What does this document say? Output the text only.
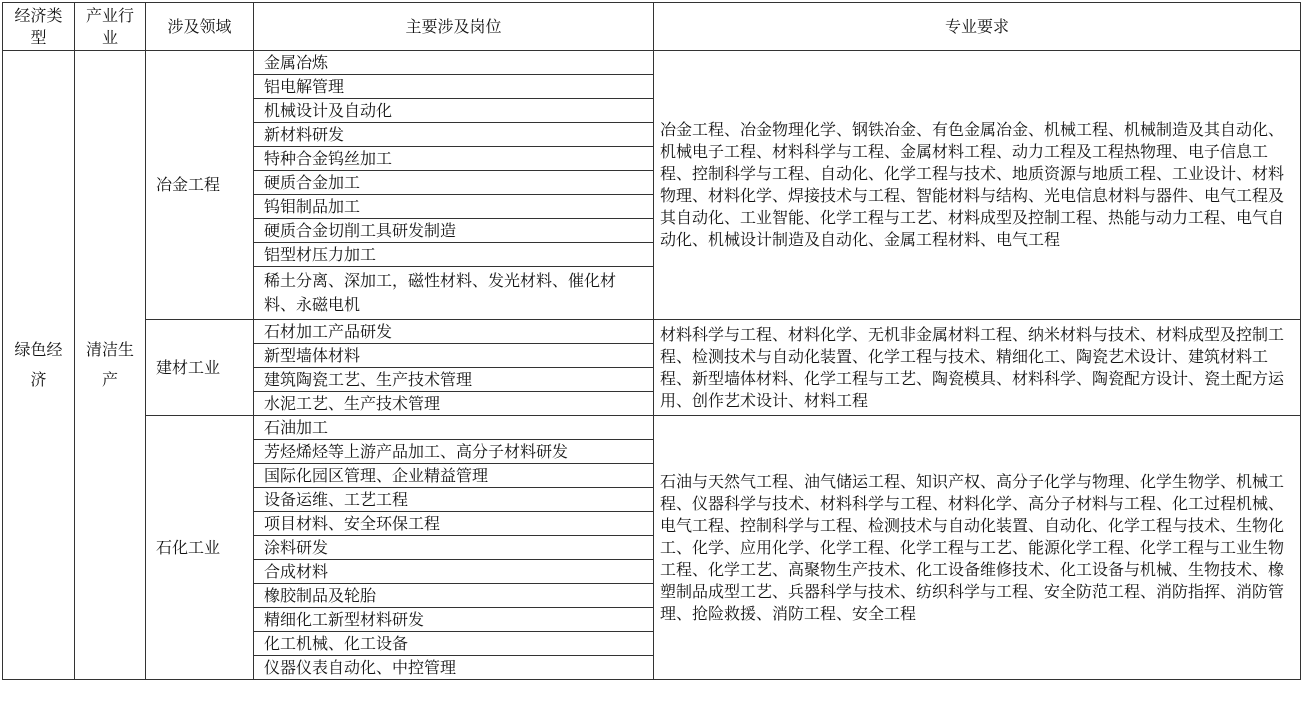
经济类型	产业行业	涉及领域	主要涉及岗位	专业要求
绿色经济	清洁生产	冶金工程	金属冶炼	冶金工程、冶金物理化学、钢铁冶金、有色金属冶金、机械工程、机械制造及其自动化、机械电子工程、材料科学与工程、金属材料工程、动力工程及工程热物理、电子信息工程、控制科学与工程、自动化、化学工程与技术、地质资源与地质工程、工业设计、材料物理、材料化学、焊接技术与工程、智能材料与结构、光电信息材料与器件、电气工程及其自动化、工业智能、化学工程与工艺、材料成型及控制工程、热能与动力工程、电气自动化、机械设计制造及自动化、金属工程材料、电气工程
			铝电解管理	
			机械设计及自动化	
			新材料研发	
			特种合金钨丝加工	
			硬质合金加工	
			钨钼制品加工	
			硬质合金切削工具研发制造	
			铝型材压力加工	
			稀土分离、深加工，磁性材料、发光材料、催化材料、永磁电机	
		建材工业	石材加工产品研发	材料科学与工程、材料化学、无机非金属材料工程、纳米材料与技术、材料成型及控制工程、检测技术与自动化装置、化学工程与技术、精细化工、陶瓷艺术设计、建筑材料工程、新型墙体材料、化学工程与工艺、陶瓷模具、材料科学、陶瓷配方设计、瓷土配方运用、创作艺术设计、材料工程
			新型墙体材料	
			建筑陶瓷工艺、生产技术管理	
			水泥工艺、生产技术管理	
		石化工业	石油加工	石油与天然气工程、油气储运工程、知识产权、高分子化学与物理、化学生物学、机械工程、仪器科学与技术、材料科学与工程、材料化学、高分子材料与工程、化工过程机械、电气工程、控制科学与工程、检测技术与自动化装置、自动化、化学工程与技术、生物化工、化学、应用化学、化学工程、化学工程与工艺、能源化学工程、化学工程与工业生物工程、化学工艺、高聚物生产技术、化工设备维修技术、化工设备与机械、生物技术、橡塑制品成型工艺、兵器科学与技术、纺织科学与工程、安全防范工程、消防指挥、消防管理、抢险救援、消防工程、安全工程
			芳烃烯烃等上游产品加工、高分子材料研发	
			国际化园区管理、企业精益管理	
			设备运维、工艺工程	
			项目材料、安全环保工程	
			涂料研发	
			合成材料	
			橡胶制品及轮胎	
			精细化工新型材料研发	
			化工机械、化工设备	
			仪器仪表自动化、中控管理	
